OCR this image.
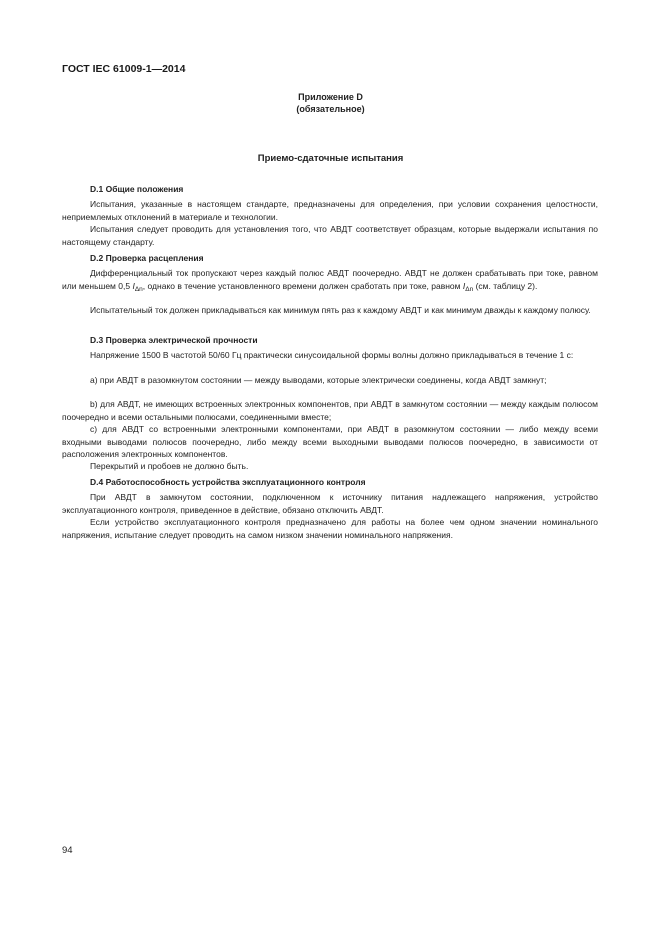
ГОСТ IEC 61009-1—2014
Приложение D
(обязательное)
Приемо-сдаточные испытания
D.1 Общие положения

Испытания, указанные в настоящем стандарте, предназначены для определения, при условии сохранения целостности, неприемлемых отклонений в материале и технологии.

Испытания следует проводить для установления того, что АВДТ соответствует образцам, которые выдержали испытания по настоящему стандарту.

D.2 Проверка расцепления

Дифференциальный ток пропускают через каждый полюс АВДТ поочередно. АВДТ не должен срабатывать при токе, равном или меньшем 0,5 $I_{\Delta n}$, однако в течение установленного времени должен сработать при токе, равном $I_{\Delta n}$ (см. таблицу 2).

Испытательный ток должен прикладываться как минимум пять раз к каждому АВДТ и как минимум дважды к каждому полюсу.

D.3 Проверка электрической прочности

Напряжение 1500 В частотой 50/60 Гц практически синусоидальной формы волны должно прикладываться в течение 1 с:

a) при АВДТ в разомкнутом состоянии — между выводами, которые электрически соединены, когда АВДТ замкнут;

b) для АВДТ, не имеющих встроенных электронных компонентов, при АВДТ в замкнутом состоянии — между каждым полюсом поочередно и всеми остальными полюсами, соединенными вместе;

c) для АВДТ со встроенными электронными компонентами, при АВДТ в разомкнутом состоянии — либо между всеми входными выводами полюсов поочередно, либо между всеми выходными выводами полюсов поочередно, в зависимости от расположения электронных компонентов.

Перекрытий и пробоев не должно быть.

D.4 Работоспособность устройства эксплуатационного контроля

При АВДТ в замкнутом состоянии, подключенном к источнику питания надлежащего напряжения, устройство эксплуатационного контроля, приведенное в действие, обязано отключить АВДТ.

Если устройство эксплуатационного контроля предназначено для работы на более чем одном значении номинального напряжения, испытание следует проводить на самом низком значении номинального напряжения.

94
